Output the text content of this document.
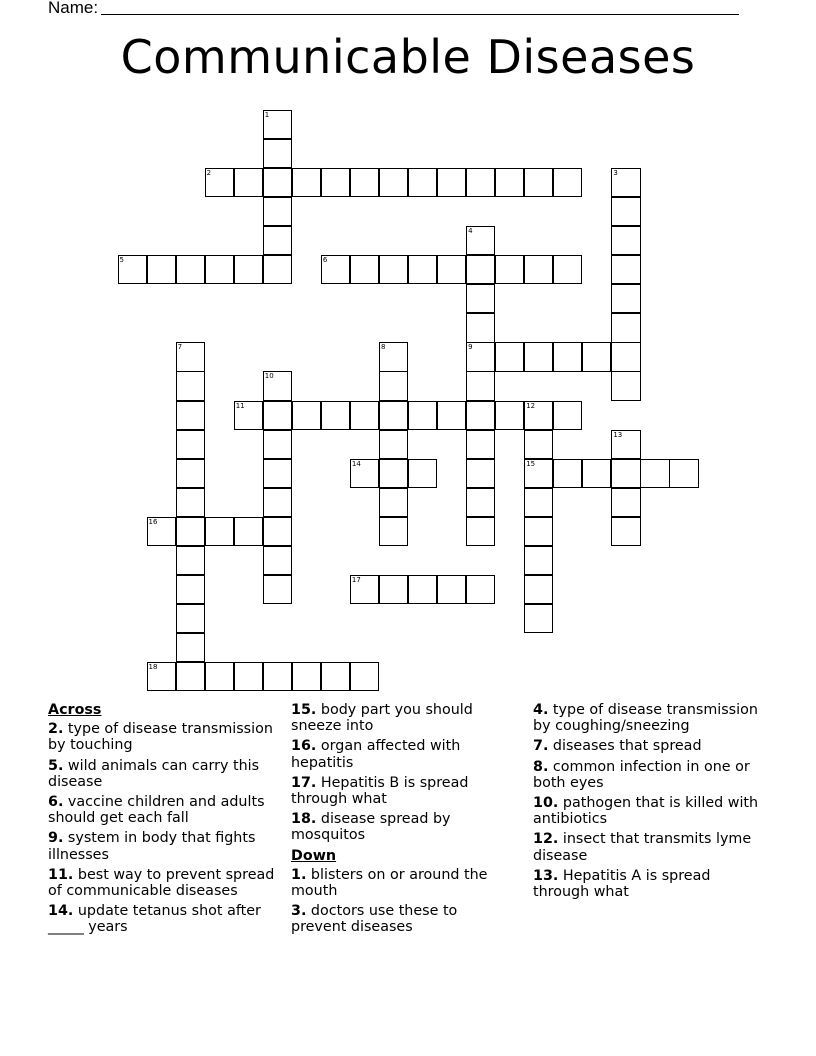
Name:
Communicable Diseases
1
2	3
4
9
5	6
7	8
10
11	12
15
13
14
16
17
18
Across
2. type of disease transmission by touching
5. wild animals can carry this disease
6. vaccine children and adults should get each fall
9. system in body that fights illnesses
11. best way to prevent spread of communicable diseases
14. update tetanus shot after _____ years
15. body part you should sneeze into
16. organ affected with hepatitis
17. Hepatitis B is spread through what
18. disease spread by mosquitos
Down
1. blisters on or around the mouth
3. doctors use these to prevent diseases
4. type of disease transmission by coughing/sneezing
7. diseases that spread
8. common infection in one or both eyes
10. pathogen that is killed with antibiotics
12. insect that transmits lyme disease
13. Hepatitis A is spread through what
